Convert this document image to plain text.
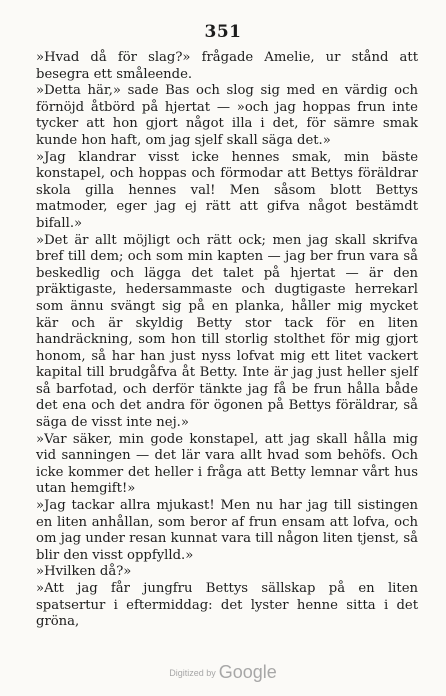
351

»Hvad då för slag?» frågade Amelie, ur stånd att besegra ett småleende.

»Detta här,» sade Bas och slog sig med en värdig och förnöjd åtbörd på hjertat — »och jag hoppas frun inte tycker att hon gjort något illa i det, för sämre smak kunde hon haft, om jag sjelf skall säga det.»

»Jag klandrar visst icke hennes smak, min bäste konstapel, och hoppas och förmodar att Bettys föräldrar skola gilla hennes val! Men såsom blott Bettys matmoder, eger jag ej rätt att gifva något bestämdt bifall.»

»Det är allt möjligt och rätt ock; men jag skall skrifva bref till dem; och som min kapten — jag ber frun vara så beskedlig och lägga det talet på hjertat — är den präktigaste, hedersammaste och dugtigaste herrekarl som ännu svängt sig på en planka, håller mig mycket kär och är skyldig Betty stor tack för en liten handräckning, som hon till storlig stolthet för mig gjort honom, så har han just nyss lofvat mig ett litet vackert kapital till brudgåfva åt Betty. Inte är jag just heller sjelf så barfotad, och derför tänkte jag få be frun hålla både det ena och det andra för ögonen på Bettys föräldrar, så säga de visst inte nej.»

»Var säker, min gode konstapel, att jag skall hålla mig vid sanningen — det lär vara allt hvad som behöfs. Och icke kommer det heller i fråga att Betty lemnar vårt hus utan hemgift!»

»Jag tackar allra mjukast! Men nu har jag till sistingen en liten anhållan, som beror af frun ensam att lofva, och om jag under resan kunnat vara till någon liten tjenst, så blir den visst oppfylld.»

»Hvilken då?»

»Att jag får jungfru Bettys sällskap på en liten spatsertur i eftermiddag: det lyster henne sitta i det gröna,

Digitized by Google
